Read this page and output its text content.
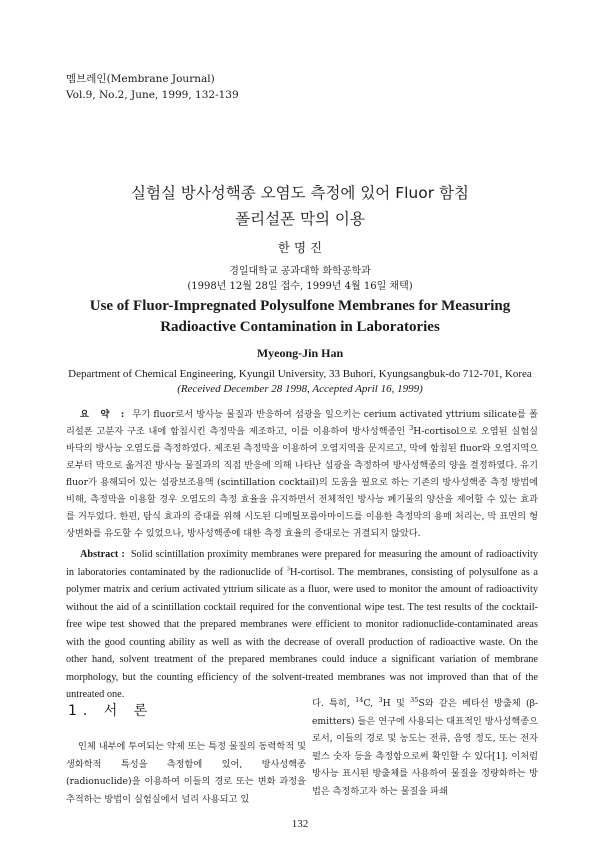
멤브레인(Membrane Journal)
Vol.9, No.2, June, 1999, 132-139
실험실 방사성핵종 오염도 측정에 있어 Fluor 함침
폴리설폰 막의 이용
한 명 진
경일대학교 공과대학 화학공학과
(1998년 12월 28일 접수, 1999년 4월 16일 채택)
Use of Fluor-Impregnated Polysulfone Membranes for Measuring
Radioactive Contamination in Laboratories
Myeong-Jin Han
Department of Chemical Engineering, Kyungil University, 33 Buhori, Kyungsangbuk-do 712-701, Korea
(Received December 28 1998, Accepted April 16, 1999)
요 약 : 무기 fluor로서 방사능 물질과 반응하여 섬광을 일으키는 cerium activated yttrium silicate를 폴리설폰 고분자 구조 내에 함침시킨 측정막을 제조하고, 이를 이용하여 방사성핵종인 $^3$H-cortisol으로 오염된 실험실 바닥의 방사능 오염도를 측정하였다. 제조된 측정막을 이용하여 오염지역을 문지르고, 막에 함침된 fluor와 오염지역으로부터 막으로 옮겨진 방사능 물질과의 직접 반응에 의해 나타난 섬광을 측정하여 방사성핵종의 양을 결정하였다. 유기 fluor가 용해되어 있는 섬광보조용액 (scintillation cocktail)의 도움을 필요로 하는 기존의 방사성핵종 측정 방법에 비해, 측정막을 이용할 경우 오염도의 측정 효율을 유지하면서 전체적인 방사능 폐기물의 양산을 제어할 수 있는 효과를 거두었다. 한편, 탐식 효과의 증대를 위해 시도된 디메틸포름아마이드를 이용한 측정막의 용매 처리는, 막 표면의 형상변화를 유도할 수 있었으나, 방사성핵종에 대한 측정 효율의 증대로는 귀결되지 않았다.
Abstract : Solid scintillation proximity membranes were prepared for measuring the amount of radioactivity in laboratories contaminated by the radionuclide of $^3$H-cortisol. The membranes, consisting of polysulfone as a polymer matrix and cerium activated yttrium silicate as a fluor, were used to monitor the amount of radioactivity without the aid of a scintillation cocktail required for the conventional wipe test. The test results of the cocktail-free wipe test showed that the prepared membranes were efficient to monitor radionuclide-contaminated areas with the good counting ability as well as with the decrease of overall production of radioactive waste. On the other hand, solvent treatment of the prepared membranes could induce a significant variation of membrane morphology, but the counting efficiency of the solvent-treated membranes was not improved than that of the untreated one.
1. 서 론
인체 내부에 투여되는 약제 또는 특정 물질의 동력학적 및 생화학적 특성을 측정함에 있어, 방사성핵종 (radionuclide)을 이용하여 이들의 경로 또는 변화 과정을 추적하는 방법이 실험실에서 널리 사용되고 있
다. 특히, $^{14}$C, $^3$H 및 $^{35}$S와 같은 베타선 방출체 (β-emitters) 들은 연구에 사용되는 대표적인 방사성핵종으로서, 이들의 경로 및 농도는 전류, 음영 정도, 또는 전자 펄스 숫자 등을 측정함으로써 확인할 수 있다[1]. 이처럼 방사능 표시된 방출체를 사용하여 물질을 정량화하는 방법은 측정하고자 하는 물질을 파쇄
132
